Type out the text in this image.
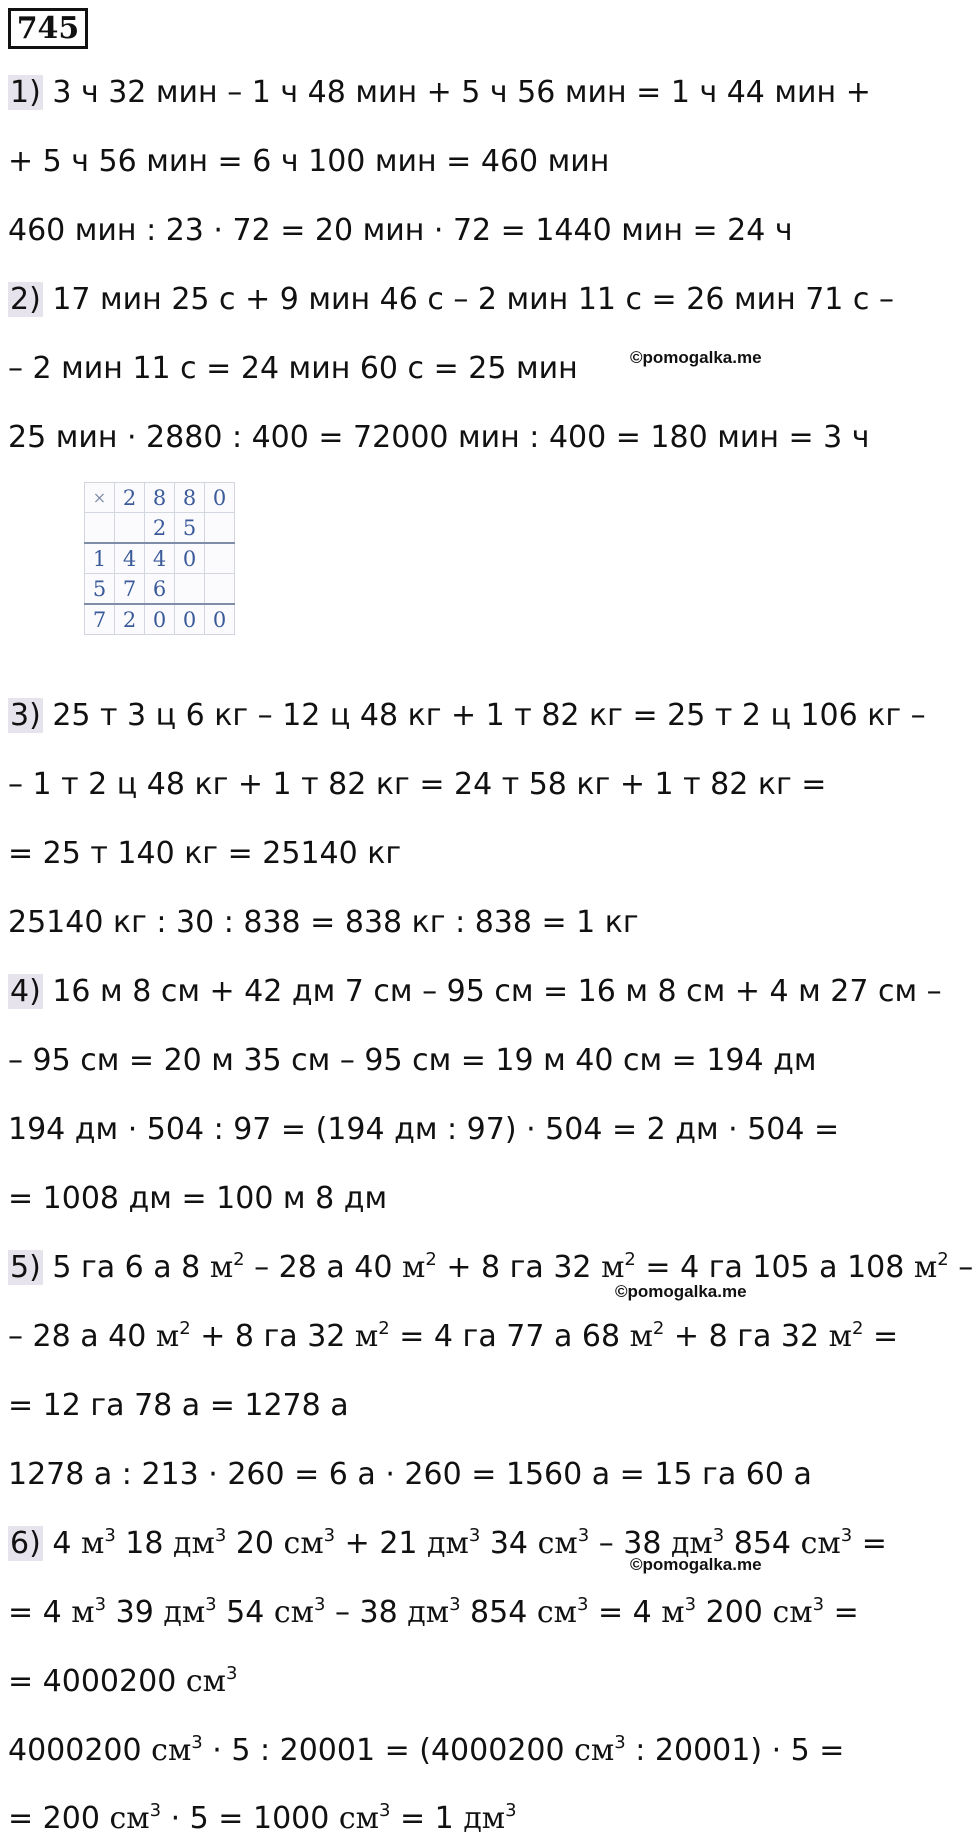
745
1) 3 ч 32 мин – 1 ч 48 мин + 5 ч 56 мин = 1 ч 44 мин +
+ 5 ч 56 мин = 6 ч 100 мин = 460 мин
460 мин : 23 · 72 = 20 мин · 72 = 1440 мин = 24 ч
2) 17 мин 25 с + 9 мин 46 с – 2 мин 11 с = 26 мин 71 с –
– 2 мин 11 с = 24 мин 60 с = 25 мин
25 мин · 2880 : 400 = 72000 мин : 400 = 180 мин = 3 ч
3) 25 т 3 ц 6 кг – 12 ц 48 кг + 1 т 82 кг = 25 т 2 ц 106 кг –
– 1 т 2 ц 48 кг + 1 т 82 кг = 24 т 58 кг + 1 т 82 кг =
= 25 т 140 кг = 25140 кг
25140 кг : 30 : 838 = 838 кг : 838 = 1 кг
4) 16 м 8 см + 42 дм 7 см – 95 см = 16 м 8 см + 4 м 27 см –
– 95 см = 20 м 35 см – 95 см = 19 м 40 см = 194 дм
194 дм · 504 : 97 = (194 дм : 97) · 504 = 2 дм · 504 =
= 1008 дм = 100 м 8 дм
5) 5 га 6 а 8 $м^2 - 28$ а 40 $м^2 + 8$ га 32 $м^2 = 4$ га 105 а 108 $м^2$ –
– 28 а 40 $м^2 + 8$ га 32 $м^2 = 4$ га 77 а 68 $м^2 + 8$ га 32 $м^2$ =
= 12 га 78 а = 1278 а
1278 а : 213 · 260 = 6 а · 260 = 1560 а = 15 га 60 а
6) 4 $м^3$ 18 $дм^3$ 20 $см^3 + 21$ $дм^3$ 34 $см^3 - 38$ $дм^3$ 854 $см^3$ =
= 4 $м^3$ 39 $дм^3$ 54 $см^3 - 38$ $дм^3$ 854 $см^3 = 4$ $м^3$ 200 $см^3$ =
= 4000200 $см^3$
4000200 $см^3 \cdot 5$ : 20001 = (4000200 $см^3$ : 20001) · 5 =
= 200 $см^3 \cdot 5 = 1000$ $см^3 = 1$ $дм^3$
×	2	8	8	0
		2	5	
1	4	4	0	
5	7	6		
7	2	0	0	0
©pomogalka.me
©pomogalka.me
©pomogalka.me
